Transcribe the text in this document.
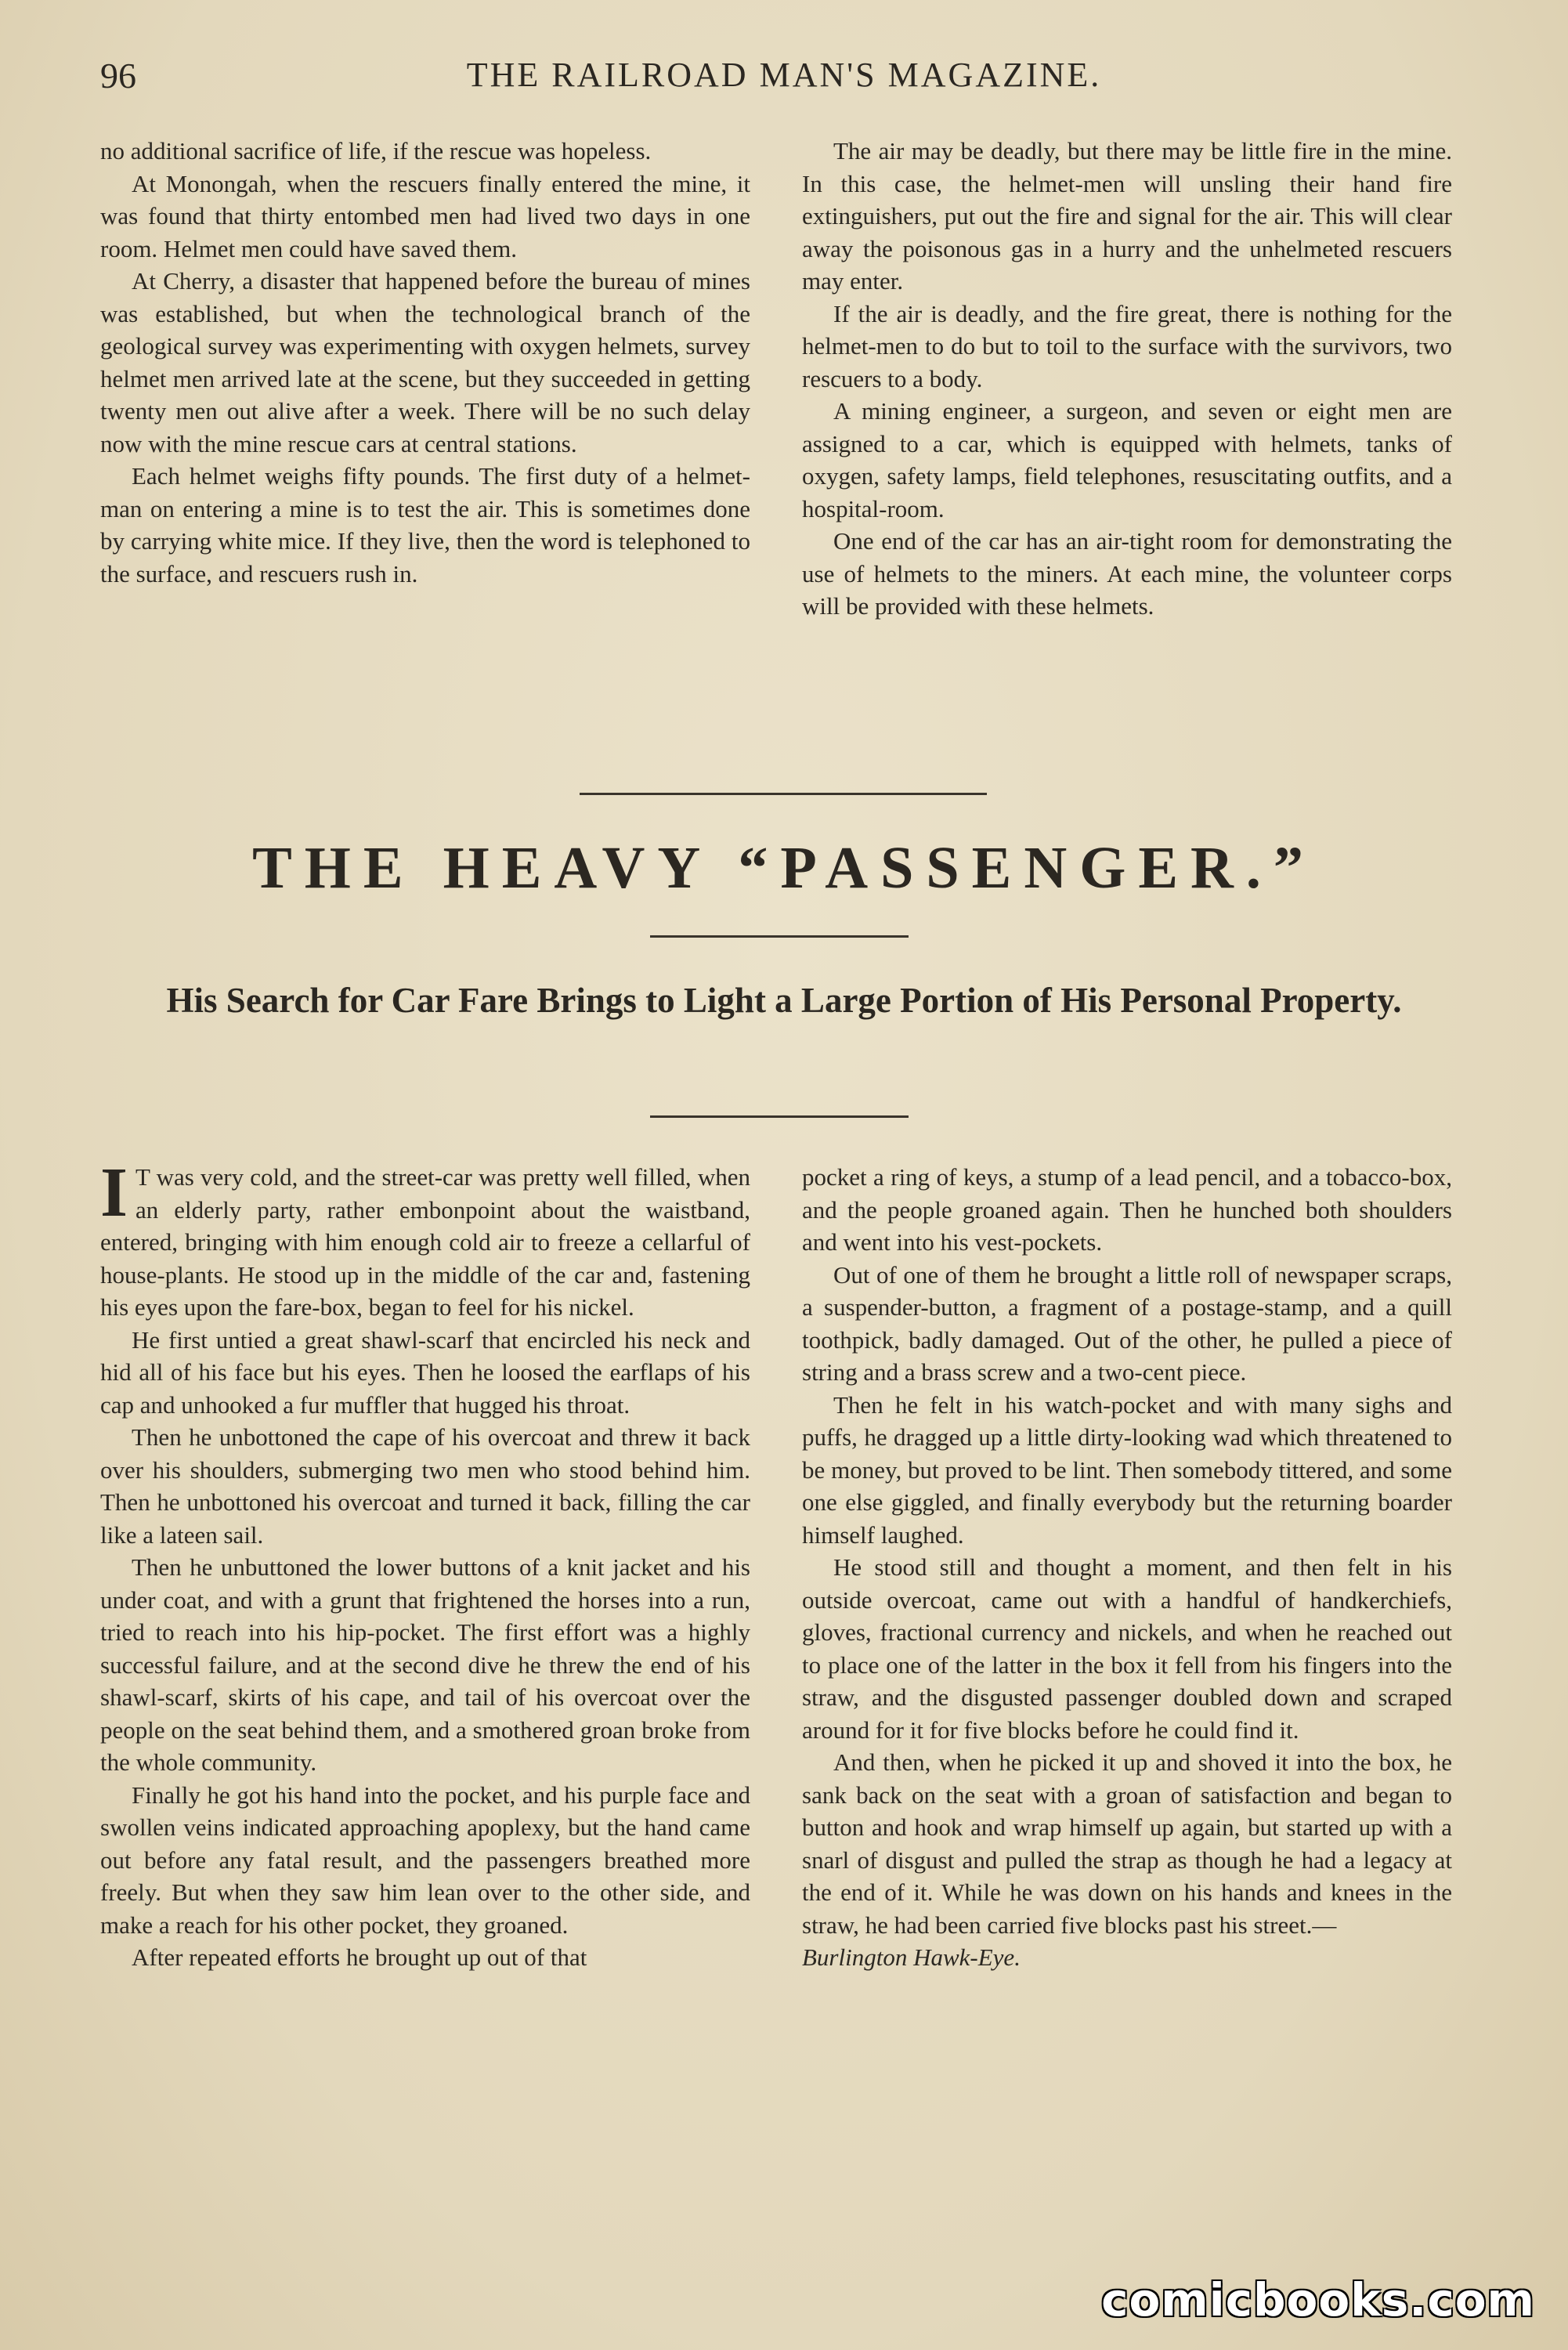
96	THE RAILROAD MAN'S MAGAZINE.

no additional sacrifice of life, if the rescue was hopeless.

At Monongah, when the rescuers finally entered the mine, it was found that thirty entombed men had lived two days in one room. Helmet men could have saved them.

At Cherry, a disaster that happened before the bureau of mines was established, but when the technological branch of the geological survey was experimenting with oxygen helmets, survey helmet men arrived late at the scene, but they succeeded in getting twenty men out alive after a week. There will be no such delay now with the mine rescue cars at central stations.

Each helmet weighs fifty pounds. The first duty of a helmet-man on entering a mine is to test the air. This is sometimes done by carrying white mice. If they live, then the word is telephoned to the surface, and rescuers rush in.

The air may be deadly, but there may be little fire in the mine. In this case, the helmet-men will unsling their hand fire extinguishers, put out the fire and signal for the air. This will clear away the poisonous gas in a hurry and the unhelmeted rescuers may enter.

If the air is deadly, and the fire great, there is nothing for the helmet-men to do but to toil to the surface with the survivors, two rescuers to a body.

A mining engineer, a surgeon, and seven or eight men are assigned to a car, which is equipped with helmets, tanks of oxygen, safety lamps, field telephones, resuscitating outfits, and a hospital-room.

One end of the car has an air-tight room for demonstrating the use of helmets to the miners. At each mine, the volunteer corps will be provided with these helmets.

THE HEAVY “PASSENGER.”
His Search for Car Fare Brings to Light a Large Portion of His Personal Property.

I T was very cold, and the street-car was pretty well filled, when an elderly party, rather embonpoint about the waistband, entered, bringing with him enough cold air to freeze a cellarful of house-plants. He stood up in the middle of the car and, fastening his eyes upon the fare-box, began to feel for his nickel.

He first untied a great shawl-scarf that encircled his neck and hid all of his face but his eyes. Then he loosed the earflaps of his cap and unhooked a fur muffler that hugged his throat.

Then he unbottoned the cape of his overcoat and threw it back over his shoulders, submerging two men who stood behind him. Then he unbottoned his overcoat and turned it back, filling the car like a lateen sail.

Then he unbuttoned the lower buttons of a knit jacket and his under coat, and with a grunt that frightened the horses into a run, tried to reach into his hip-pocket. The first effort was a highly successful failure, and at the second dive he threw the end of his shawl-scarf, skirts of his cape, and tail of his overcoat over the people on the seat behind them, and a smothered groan broke from the whole community.

Finally he got his hand into the pocket, and his purple face and swollen veins indicated approaching apoplexy, but the hand came out before any fatal result, and the passengers breathed more freely. But when they saw him lean over to the other side, and make a reach for his other pocket, they groaned.

After repeated efforts he brought up out of that

pocket a ring of keys, a stump of a lead pencil, and a tobacco-box, and the people groaned again. Then he hunched both shoulders and went into his vest-pockets.

Out of one of them he brought a little roll of newspaper scraps, a suspender-button, a fragment of a postage-stamp, and a quill toothpick, badly damaged. Out of the other, he pulled a piece of string and a brass screw and a two-cent piece.

Then he felt in his watch-pocket and with many sighs and puffs, he dragged up a little dirty-looking wad which threatened to be money, but proved to be lint. Then somebody tittered, and some one else giggled, and finally everybody but the returning boarder himself laughed.

He stood still and thought a moment, and then felt in his outside overcoat, came out with a handful of handkerchiefs, gloves, fractional currency and nickels, and when he reached out to place one of the latter in the box it fell from his fingers into the straw, and the disgusted passenger doubled down and scraped around for it for five blocks before he could find it.

And then, when he picked it up and shoved it into the box, he sank back on the seat with a groan of satisfaction and began to button and hook and wrap himself up again, but started up with a snarl of disgust and pulled the strap as though he had a legacy at the end of it. While he was down on his hands and knees in the straw, he had been carried five blocks past his street.—
Burlington Hawk-Eye.

comicbooks.com
